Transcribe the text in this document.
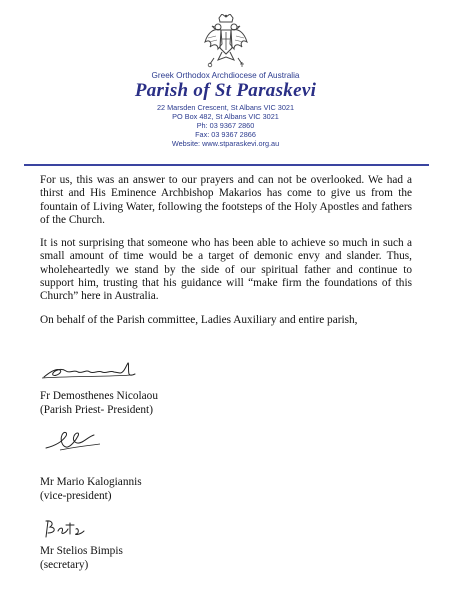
Greek Orthodox Archdiocese of Australia
Parish of St Paraskevi
22 Marsden Crescent, St Albans VIC 3021
PO Box 482, St Albans VIC 3021
Ph: 03 9367 2860
Fax: 03 9367 2866
Website: www.stparaskevi.org.au

For us, this was an answer to our prayers and can not be overlooked. We had a thirst and His Eminence Archbishop Makarios has come to give us from the fountain of Living Water, following the footsteps of the Holy Apostles and fathers of the Church.

It is not surprising that someone who has been able to achieve so much in such a small amount of time would be a target of demonic envy and slander. Thus, wholeheartedly we stand by the side of our spiritual father and continue to support him, trusting that his guidance will “make firm the foundations of this Church” here in Australia.

On behalf of the Parish committee, Ladies Auxiliary and entire parish,

Fr Demosthenes Nicolaou
(Parish Priest- President)
Mr Mario Kalogiannis
(vice-president)
Mr Stelios Bimpis
(secretary)
